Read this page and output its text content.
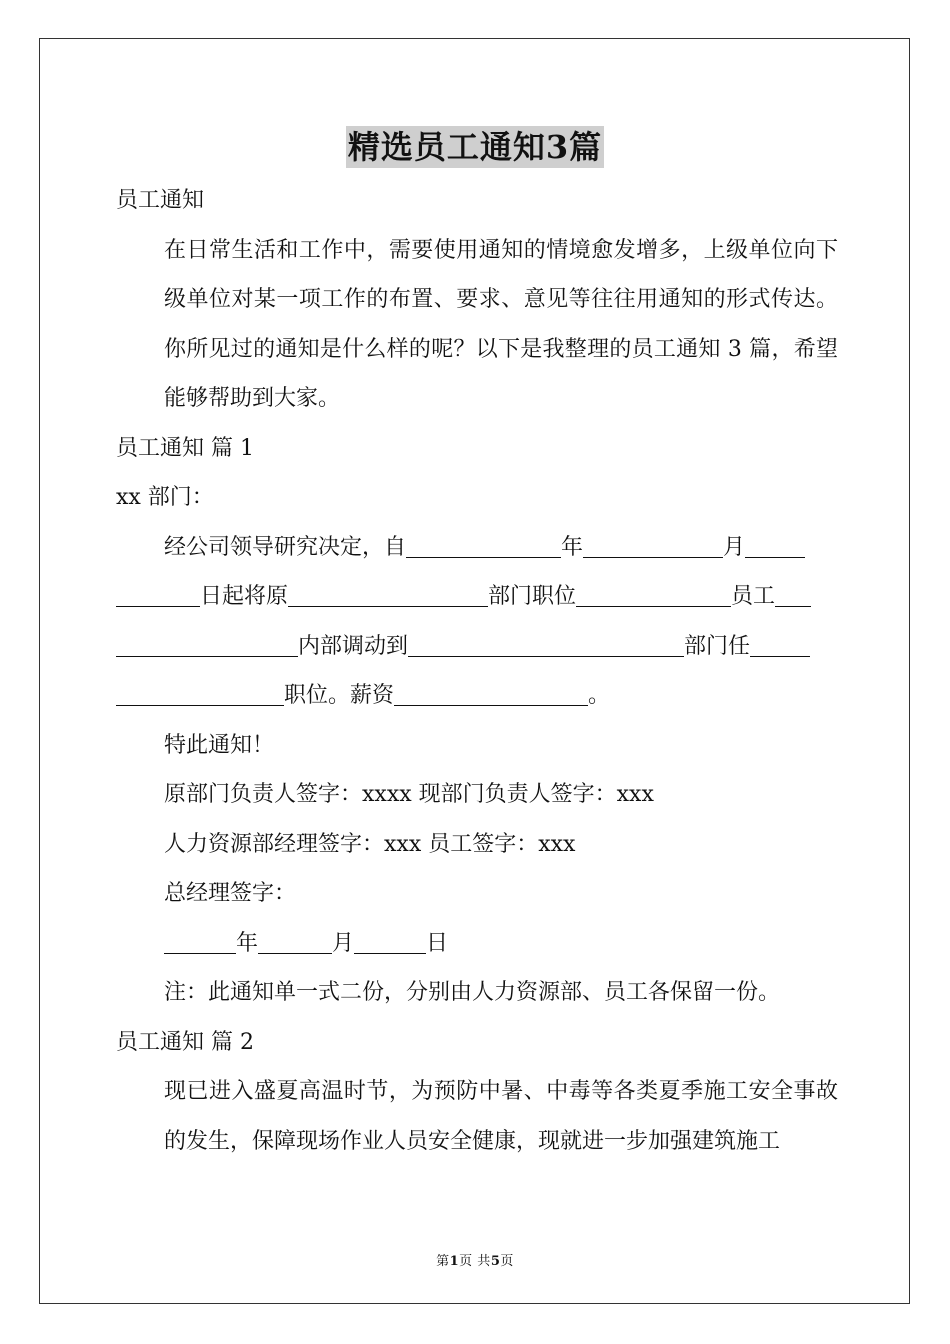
精选员工通知3篇

员工通知

在日常生活和工作中，需要使用通知的情境愈发增多，上级单位向下级单位对某一项工作的布置、要求、意见等往往用通知的形式传达。你所见过的通知是什么样的呢？以下是我整理的员工通知 3 篇，希望能够帮助到大家。

员工通知 篇 1

xx 部门：

经公司领导研究决定，自	年	月

日起将原	部门职位	员工

内部调动到	部门任

职位。薪资	。

特此通知！

原部门负责人签字：xxxx 现部门负责人签字：xxx

人力资源部经理签字：xxx 员工签字：xxx

总经理签字：

年	月	日

注：此通知单一式二份，分别由人力资源部、员工各保留一份。

员工通知 篇 2

现已进入盛夏高温时节，为预防中暑、中毒等各类夏季施工安全事故的发生，保障现场作业人员安全健康，现就进一步加强建筑施工

第1页 共5页
